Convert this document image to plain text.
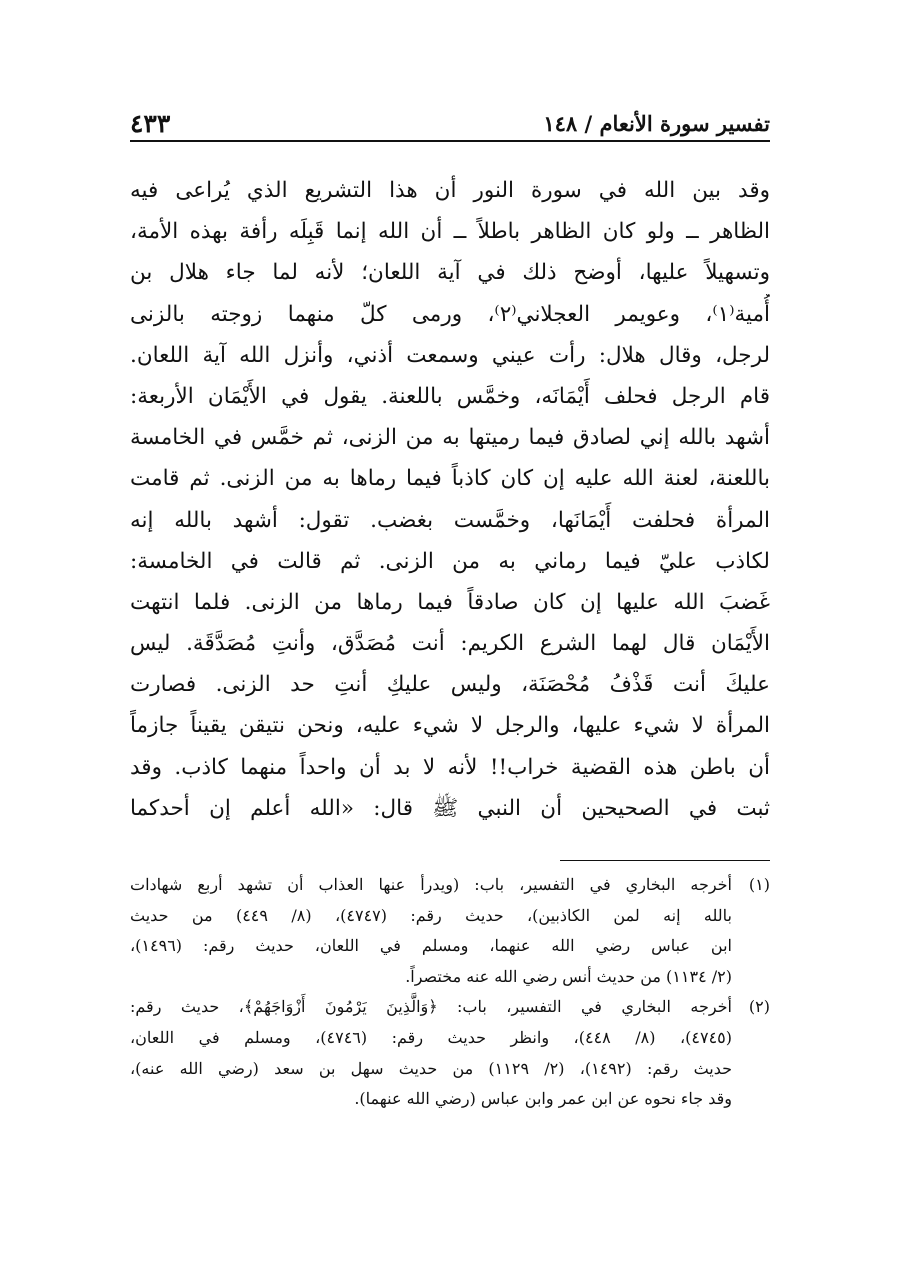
تفسير سورة الأنعام / ١٤٨
٤٣٣
وقد بين الله في سورة النور أن هذا التشريع الذي يُراعى فيه
الظاهر ــ ولو كان الظاهر باطلاً ــ أن الله إنما قَبِلَه رأفة بهذه الأمة،
وتسهيلاً عليها، أوضح ذلك في آية اللعان؛ لأنه لما جاء هلال بن
أُمية⁽١⁾، وعويمر العجلاني⁽٢⁾، ورمى كلّ منهما زوجته بالزنى
لرجل، وقال هلال: رأت عيني وسمعت أذني، وأنزل الله آية اللعان.
قام الرجل فحلف أَيْمَانَه، وخمَّس باللعنة. يقول في الأَيْمَان الأربعة:
أشهد بالله إني لصادق فيما رميتها به من الزنى، ثم خمَّس في الخامسة
باللعنة، لعنة الله عليه إن كان كاذباً فيما رماها به من الزنى. ثم قامت
المرأة فحلفت أَيْمَانَها، وخمَّست بغضب. تقول: أشهد بالله إنه
لكاذب عليّ فيما رماني به من الزنى. ثم قالت في الخامسة:
غَضبَ الله عليها إن كان صادقاً فيما رماها من الزنى. فلما انتهت
الأَيْمَان قال لهما الشرع الكريم: أنت مُصَدَّق، وأنتِ مُصَدَّقَة. ليس
عليكَ أنت قَذْفُ مُحْصَنَة، وليس عليكِ أنتِ حد الزنى. فصارت
المرأة لا شيء عليها، والرجل لا شيء عليه، ونحن نتيقن يقيناً جازماً
أن باطن هذه القضية خراب!! لأنه لا بد أن واحداً منهما كاذب. وقد
ثبت في الصحيحين أن النبي ﷺ قال: «الله أعلم إن أحدكما
(١)
أخرجه البخاري في التفسير، باب: (ويدرأ عنها العذاب أن تشهد أربع شهادات
بالله إنه لمن الكاذبين)، حديث رقم: (٤٧٤٧)، (٨/ ٤٤٩) من حديث
ابن عباس رضي الله عنهما، ومسلم في اللعان، حديث رقم: (١٤٩٦)،
(٢/ ١١٣٤) من حديث أنس رضي الله عنه مختصراً.
(٢)
أخرجه البخاري في التفسير، باب: ﴿وَالَّذِينَ يَرْمُونَ أَزْوَاجَهُمْ﴾، حديث رقم:
(٤٧٤٥)، (٨/ ٤٤٨)، وانظر حديث رقم: (٤٧٤٦)، ومسلم في اللعان،
حديث رقم: (١٤٩٢)، (٢/ ١١٢٩) من حديث سهل بن سعد (رضي الله عنه)،
وقد جاء نحوه عن ابن عمر وابن عباس (رضي الله عنهما).
